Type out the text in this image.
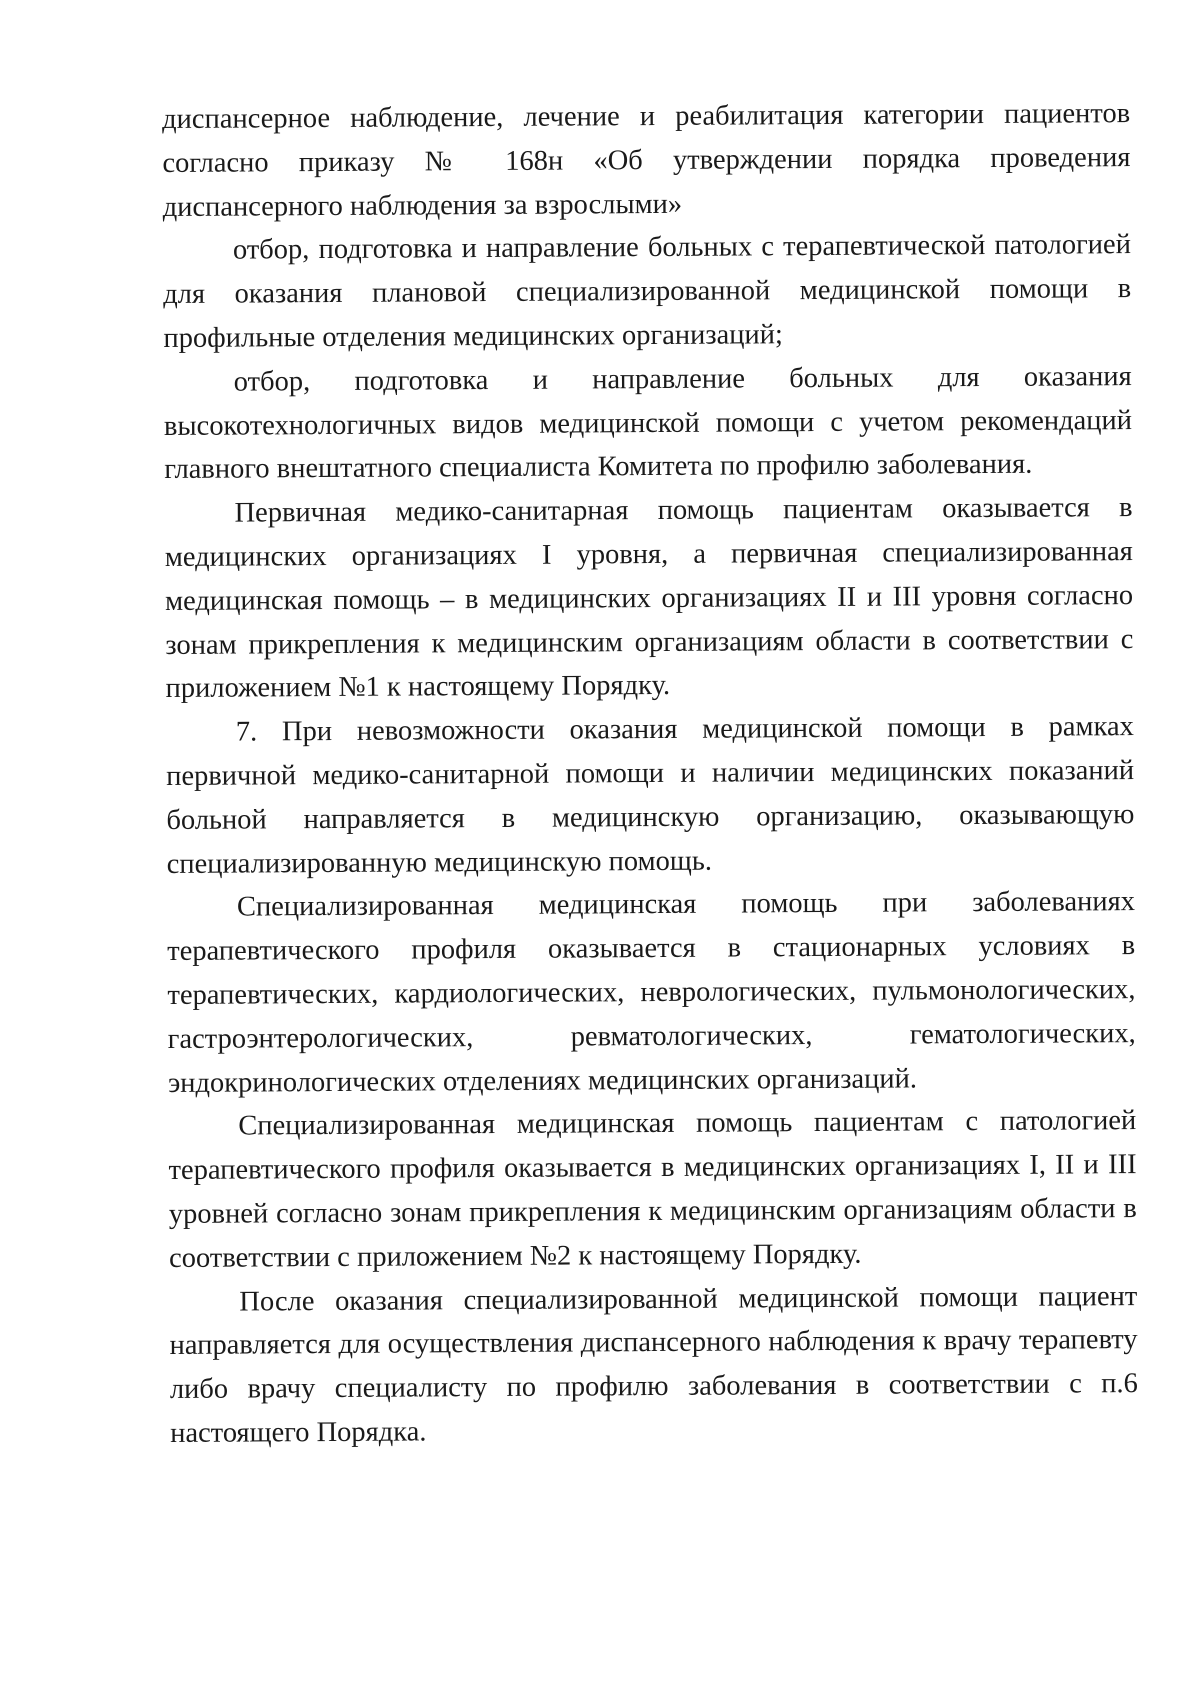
диспансерное наблюдение, лечение и реабилитация категории пациентов согласно приказу № 168н «Об утверждении порядка проведения диспансерного наблюдения за взрослыми»

отбор, подготовка и направление больных с терапевтической патологией для оказания плановой специализированной медицинской помощи в профильные отделения медицинских организаций;

отбор, подготовка и направление больных для оказания высокотехнологичных видов медицинской помощи с учетом рекомендаций главного внештатного специалиста Комитета по профилю заболевания.

Первичная медико-санитарная помощь пациентам оказывается в медицинских организациях I уровня, а первичная специализированная медицинская помощь – в медицинских организациях II и III уровня согласно зонам прикрепления к медицинским организациям области в соответствии с приложением №1 к настоящему Порядку.

7. При невозможности оказания медицинской помощи в рамках первичной медико-санитарной помощи и наличии медицинских показаний больной направляется в медицинскую организацию, оказывающую специализированную медицинскую помощь.

Специализированная медицинская помощь при заболеваниях терапевтического профиля оказывается в стационарных условиях в терапевтических, кардиологических, неврологических, пульмонологических, гастроэнтерологических, ревматологических, гематологических, эндокринологических отделениях медицинских организаций.

Специализированная медицинская помощь пациентам с патологией терапевтического профиля оказывается в медицинских организациях I, II и III уровней согласно зонам прикрепления к медицинским организациям области в соответствии с приложением №2 к настоящему Порядку.

После оказания специализированной медицинской помощи пациент направляется для осуществления диспансерного наблюдения к врачу терапевту либо врачу специалисту по профилю заболевания в соответствии с п.6 настоящего Порядка.
